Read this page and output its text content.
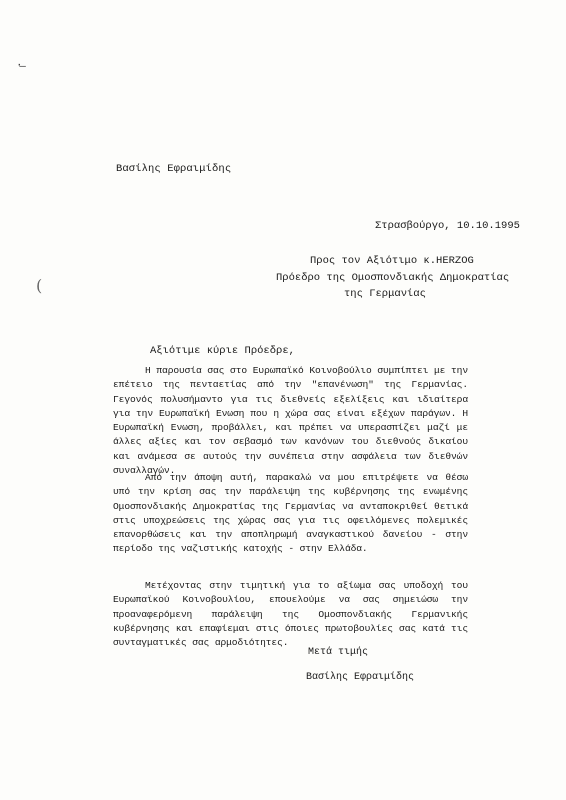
·̶
(
Βασίλης Εφραιμίδης
Στρασβούργο, 10.10.1995
Προς τον Αξιότιμο κ.HERZOG
Πρόεδρο της Ομοσπονδιακής Δημοκρατίας
της Γερμανίας
Αξιότιμε κύριε Πρόεδρε,

Η παρουσία σας στο Ευρωπαϊκό Κοινοβούλιο συμπίπτει με την επέτειο της πενταετίας από την "επανένωση" της Γερμανίας. Γεγονός πολυσήμαντο για τις διεθνείς εξελίξεις και ιδιαίτερα για την Ευρωπαϊκή Ενωση που η χώρα σας είναι εξέχων παράγων. Η Ευρωπαϊκή Ενωση, προβάλλει, και πρέπει να υπερασπίζει μαζί με άλλες αξίες και τον σεβασμό των κανόνων του διεθνούς δικαίου και ανάμεσα σε αυτούς την συνέπεια στην ασφάλεια των διεθνών συναλλαγών.

Από την άποψη αυτή, παρακαλώ να μου επιτρέψετε να θέσω υπό την κρίση σας την παράλειψη της κυβέρνησης της ενωμένης Ομοσπονδιακής Δημοκρατίας της Γερμανίας να ανταποκριθεί θετικά στις υποχρεώσεις της χώρας σας για τις οφειλόμενες πολεμικές επανορθώσεις και την αποπληρωμή αναγκαστικού δανείου - στην περίοδο της ναζιστικής κατοχής - στην Ελλάδα.

Μετέχοντας στην τιμητική για το αξίωμα σας υποδοχή του Ευρωπαϊκού Κοινοβουλίου, επουελούμε να σας σημειώσω την προαναφερόμενη παράλειψη της Ομοσπονδιακής Γερμανικής κυβέρνησης και επαφίεμαι στις όποιες πρωτοβουλίες σας κατά τις συνταγματικές σας αρμοδιότητες.

Μετά τιμής
Βασίλης Εφραιμίδης
